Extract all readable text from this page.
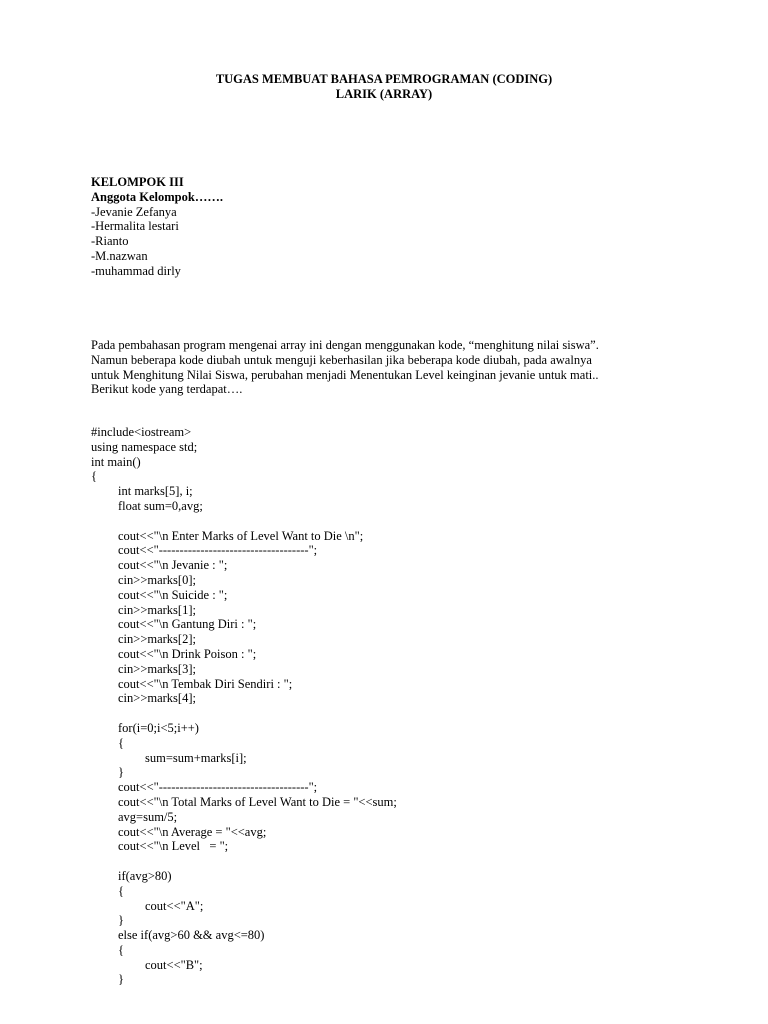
TUGAS MEMBUAT BAHASA PEMROGRAMAN (CODING)
LARIK (ARRAY)
KELOMPOK III
Anggota Kelompok…….
-Jevanie Zefanya
-Hermalita lestari
-Rianto
-M.nazwan
-muhammad dirly
Pada pembahasan program mengenai array ini dengan menggunakan kode, “menghitung nilai siswa”.
Namun beberapa kode diubah untuk menguji keberhasilan jika beberapa kode diubah, pada awalnya
untuk Menghitung Nilai Siswa, perubahan menjadi Menentukan Level keinginan jevanie untuk mati..
Berikut kode yang terdapat….
#include<iostream>
using namespace std;
int main()
{
int marks[5], i;
float sum=0,avg;
cout<<"\n Enter Marks of Level Want to Die \n";
cout<<"------------------------------------";
cout<<"\n Jevanie : ";
cin>>marks[0];
cout<<"\n Suicide : ";
cin>>marks[1];
cout<<"\n Gantung Diri : ";
cin>>marks[2];
cout<<"\n Drink Poison : ";
cin>>marks[3];
cout<<"\n Tembak Diri Sendiri : ";
cin>>marks[4];
for(i=0;i<5;i++)
{
sum=sum+marks[i];
}
cout<<"------------------------------------";
cout<<"\n Total Marks of Level Want to Die = "<<sum;
avg=sum/5;
cout<<"\n Average = "<<avg;
cout<<"\n Level   = ";
if(avg>80)
{
cout<<"A";
}
else if(avg>60 && avg<=80)
{
cout<<"B";
}
